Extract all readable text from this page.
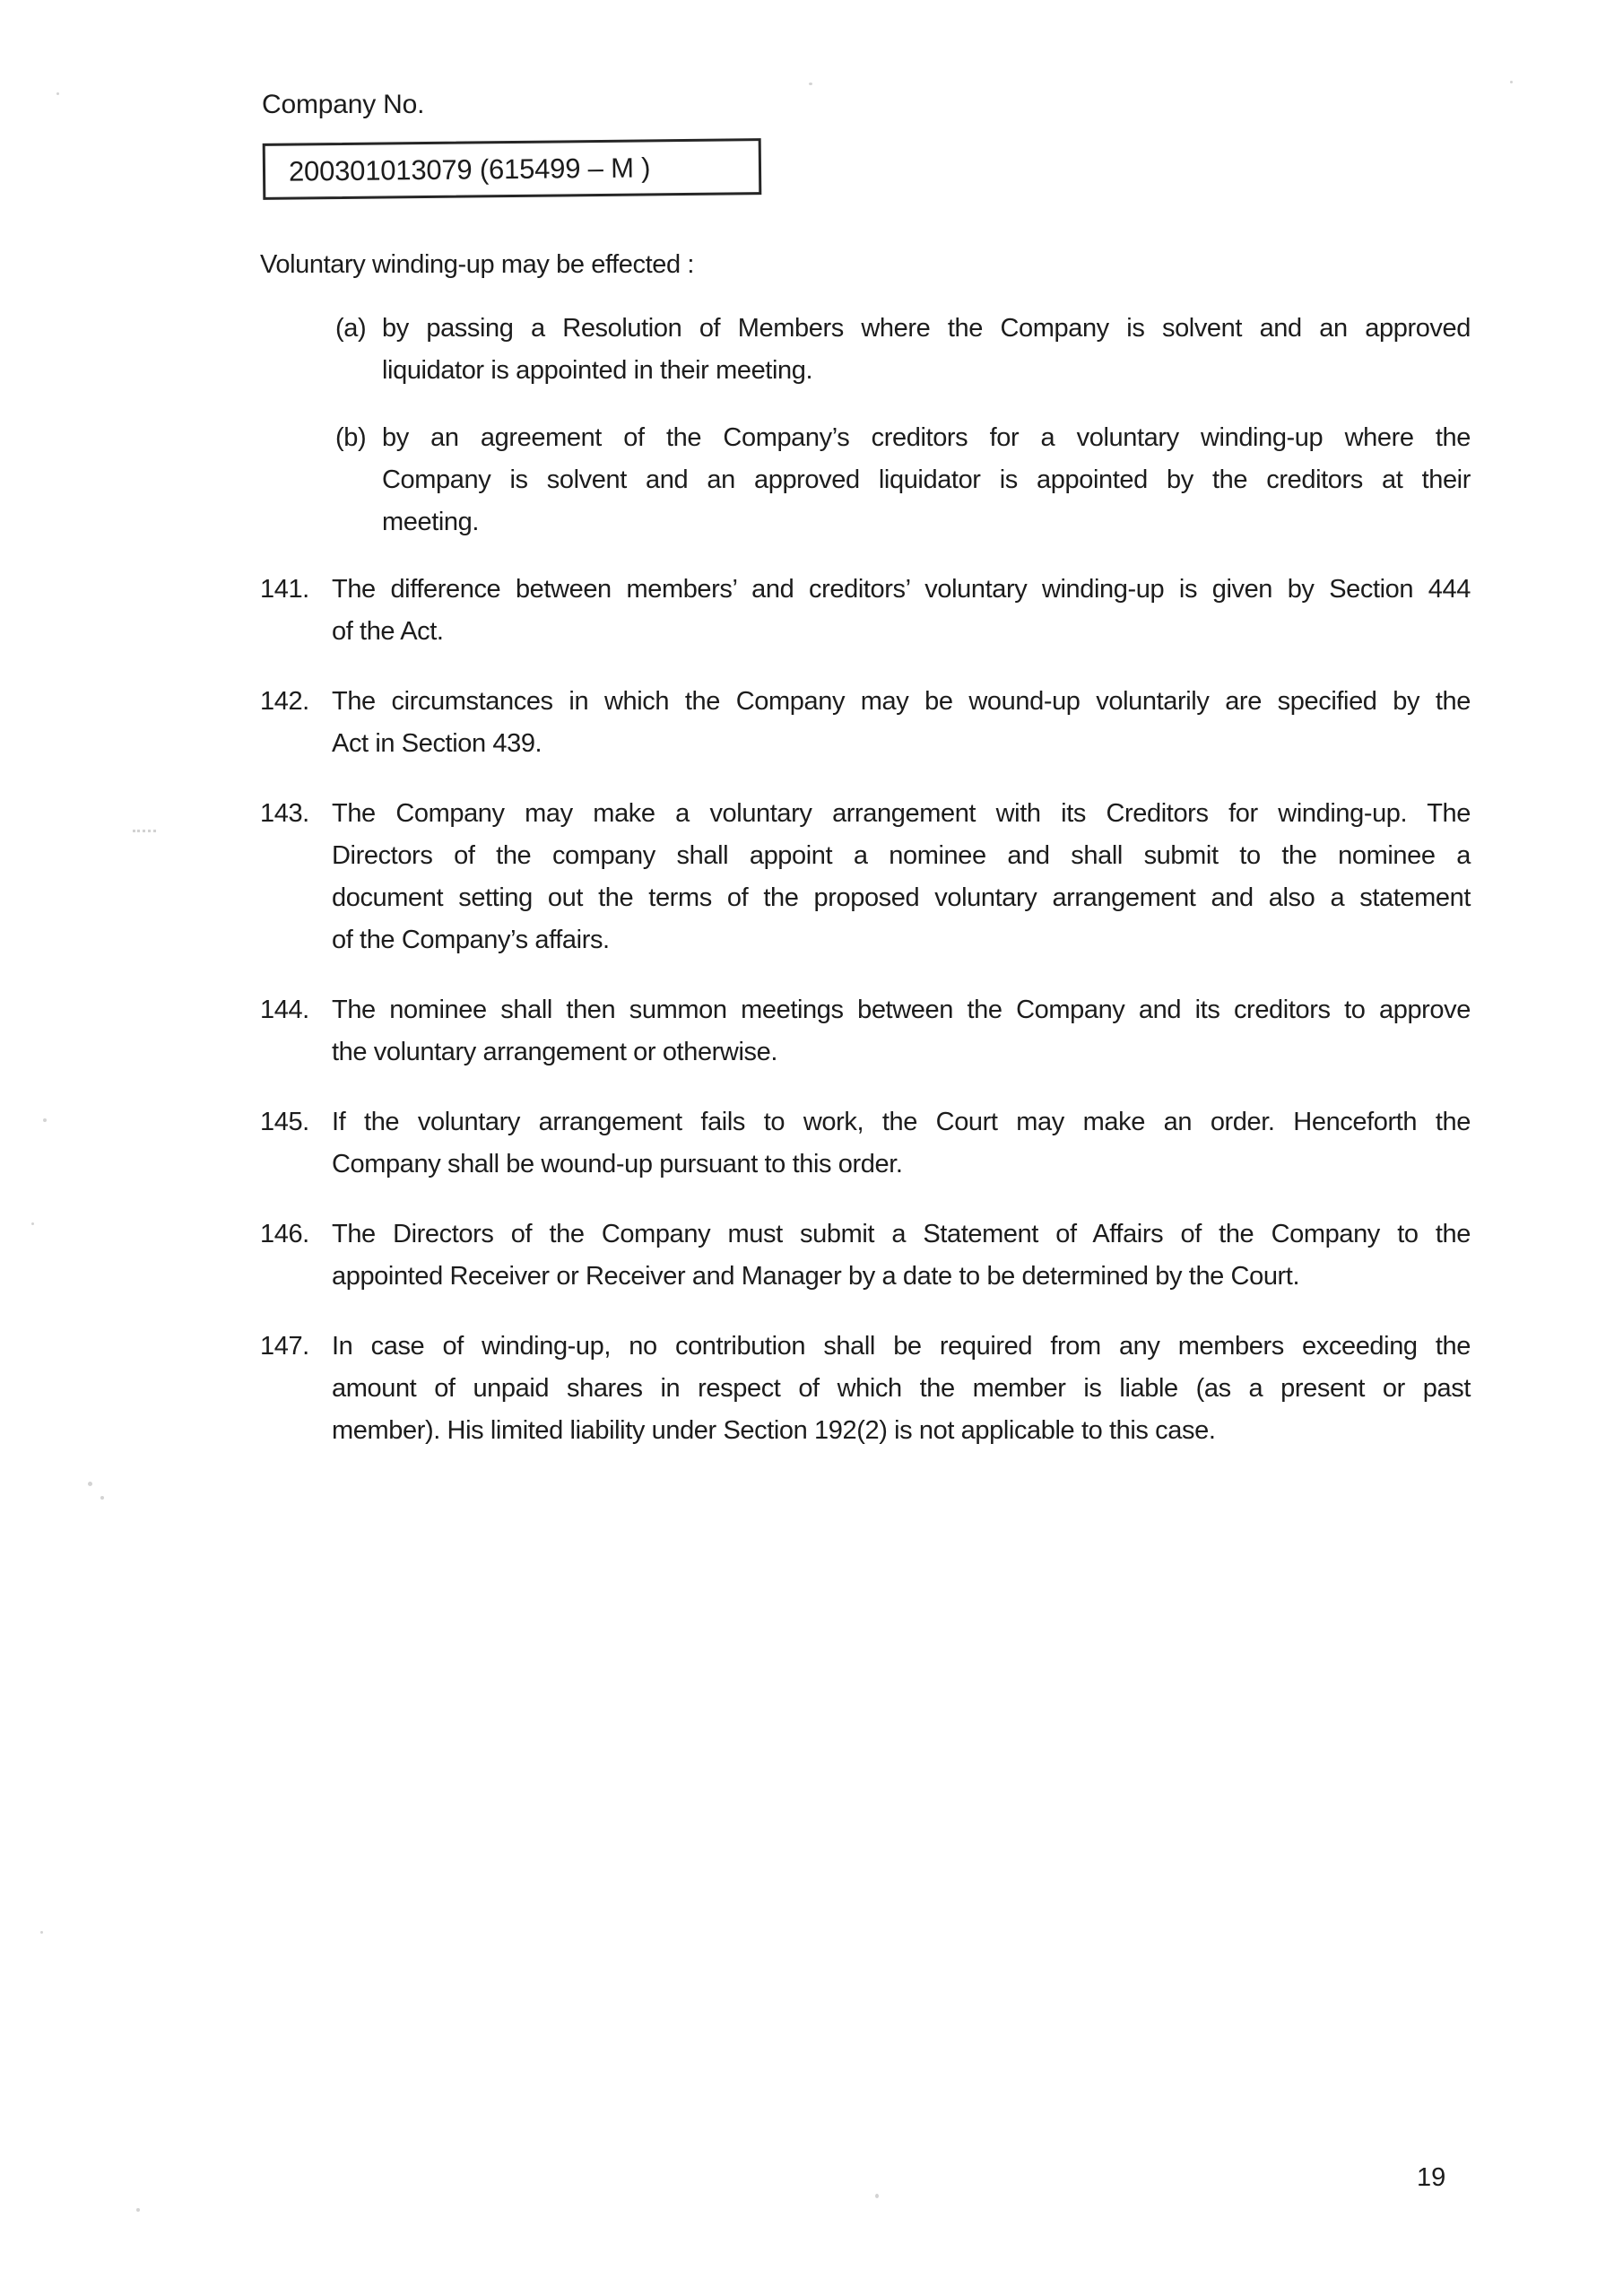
Company No.
200301013079 (615499 – M )
Voluntary winding-up may be effected :
(a) by passing a Resolution of Members where the Company is solvent and an approved
liquidator is appointed in their meeting.
(b) by an agreement of the Company’s creditors for a voluntary winding-up where the
Company is solvent and an approved liquidator is appointed by the creditors at their
meeting.
141. The difference between members’ and creditors’ voluntary winding-up is given by Section 444
of the Act.
142. The circumstances in which the Company may be wound-up voluntarily are specified by the
Act in Section 439.
143. The Company may make a voluntary arrangement with its Creditors for winding-up. The
Directors of the company shall appoint a nominee and shall submit to the nominee a
document setting out the terms of the proposed voluntary arrangement and also a statement
of the Company’s affairs.
144. The nominee shall then summon meetings between the Company and its creditors to approve
the voluntary arrangement or otherwise.
145. If the voluntary arrangement fails to work, the Court may make an order. Henceforth the
Company shall be wound-up pursuant to this order.
146. The Directors of the Company must submit a Statement of Affairs of the Company to the
appointed Receiver or Receiver and Manager by a date to be determined by the Court.
147. In case of winding-up, no contribution shall be required from any members exceeding the
amount of unpaid shares in respect of which the member is liable (as a present or past
member). His limited liability under Section 192(2) is not applicable to this case.
19
